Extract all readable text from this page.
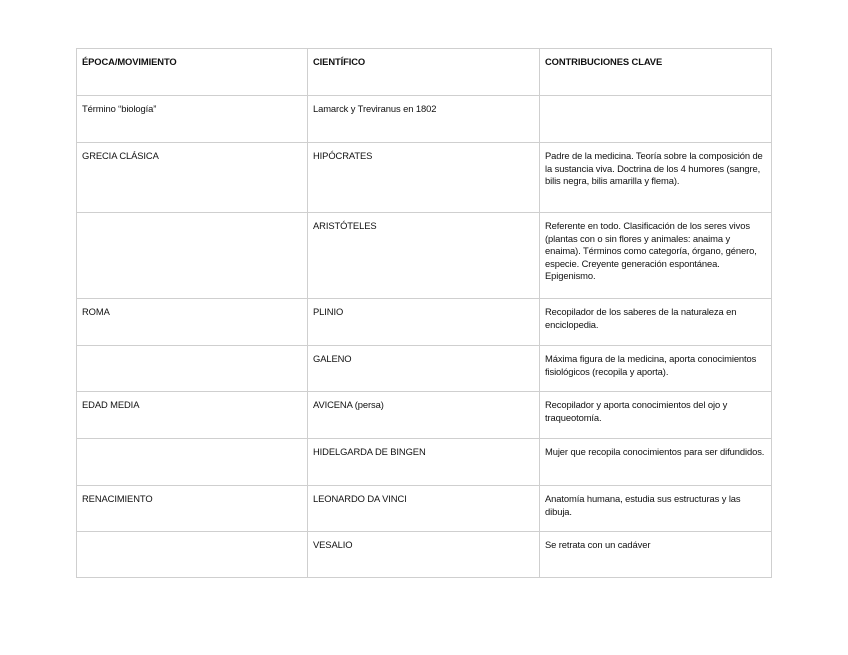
ÉPOCA/MOVIMIENTO	CIENTÍFICO	CONTRIBUCIONES CLAVE
Término “biología”	Lamarck y Treviranus en 1802	
GRECIA CLÁSICA	HIPÓCRATES	Padre de la medicina. Teoría sobre la composición de la sustancia viva. Doctrina de los 4 humores (sangre, bilis negra, bilis amarilla y flema).
	ARISTÓTELES	Referente en todo. Clasificación de los seres vivos (plantas con o sin flores y animales: anaima y enaima). Términos como categoría, órgano, género, especie. Creyente generación espontánea. Epigenismo.
ROMA	PLINIO	Recopilador de los saberes de la naturaleza en enciclopedia.
	GALENO	Máxima figura de la medicina, aporta conocimientos fisiológicos (recopila y aporta).
EDAD MEDIA	AVICENA (persa)	Recopilador y aporta conocimientos del ojo y traqueotomía.
	HIDELGARDA DE BINGEN	Mujer que recopila conocimientos para ser difundidos.
RENACIMIENTO	LEONARDO DA VINCI	Anatomía humana, estudia sus estructuras y las dibuja.
	VESALIO	Se retrata con un cadáver
